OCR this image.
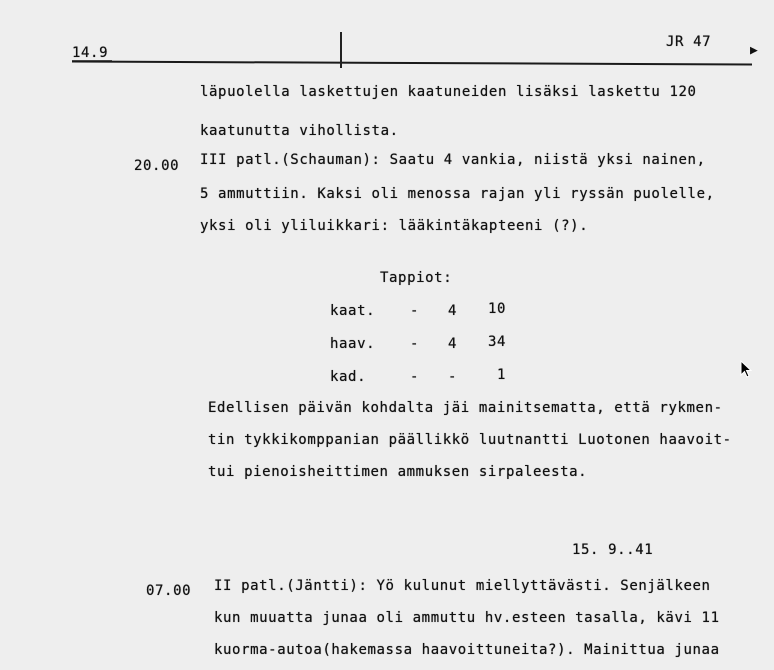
14.9
JR 47
▶
läpuolella laskettujen kaatuneiden lisäksi laskettu 120
kaatunutta vihollista.
20.00 III patl.(Schauman): Saatu 4 vankia, niistä yksi nainen,
5 ammuttiin. Kaksi oli menossa rajan yli ryssän puolelle,
yksi oli yliluikkari: lääkintäkapteeni (?).
Tappiot:
kaat. - 4 10
haav. - 4 34
kad.	- -	1
Edellisen päivän kohdalta jäi mainitsematta, että rykmen-
tin tykkikomppanian päällikkö luutnantti Luotonen haavoit-
tui pienoisheittimen ammuksen sirpaleesta.
15. 9..41
07.00 II patl.(Jäntti): Yö kulunut miellyttävästi. Senjälkeen
kun muuatta junaa oli ammuttu hv.esteen tasalla, kävi 11
kuorma-autoa(hakemassa haavoittuneita?). Mainittua junaa
